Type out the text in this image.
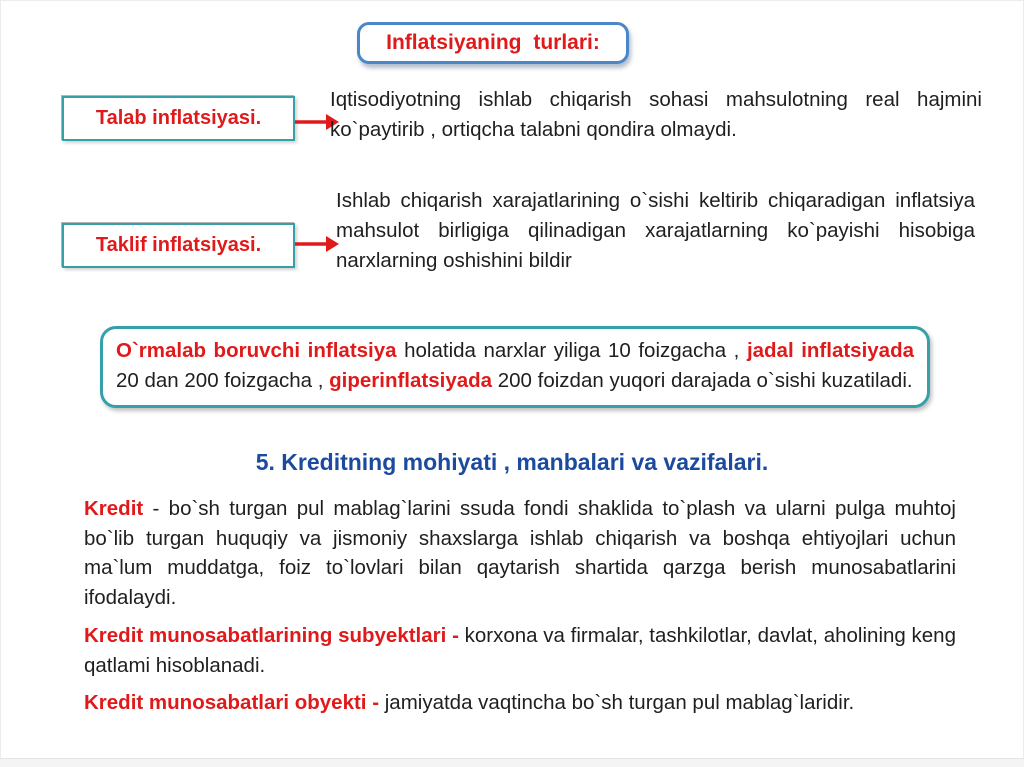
Inflatsiyaning turlari:
Talab inflatsiyasi.

Iqtisodiyotning ishlab chiqarish sohasi mahsulotning real hajmini ko`paytirib , ortiqcha talabni qondira olmaydi.

Taklif inflatsiyasi.

Ishlab chiqarish xarajatlarining o`sishi keltirib chiqaradigan inflatsiya mahsulot birligiga qilinadigan xarajatlarning ko`payishi hisobiga narxlarning oshishini bildir

O`rmalab boruvchi inflatsiya holatida narxlar yiliga 10 foizgacha , jadal inflatsiyada 20 dan 200 foizgacha , giperinflatsiyada 200 foizdan yuqori darajada o`sishi kuzatiladi.
5. Kreditning mohiyati , manbalari va vazifalari.

Kredit - bo`sh turgan pul mablag`larini ssuda fondi shaklida to`plash va ularni pulga muhtoj bo`lib turgan huquqiy va jismoniy shaxslarga ishlab chiqarish va boshqa ehtiyojlari uchun ma`lum muddatga, foiz to`lovlari bilan qaytarish shartida qarzga berish munosabatlarini ifodalaydi.

Kredit munosabatlarining subyektlari - korxona va firmalar, tashkilotlar, davlat, aholining keng qatlami hisoblanadi.

Kredit munosabatlari obyekti - jamiyatda vaqtincha bo`sh turgan pul mablag`laridir.
